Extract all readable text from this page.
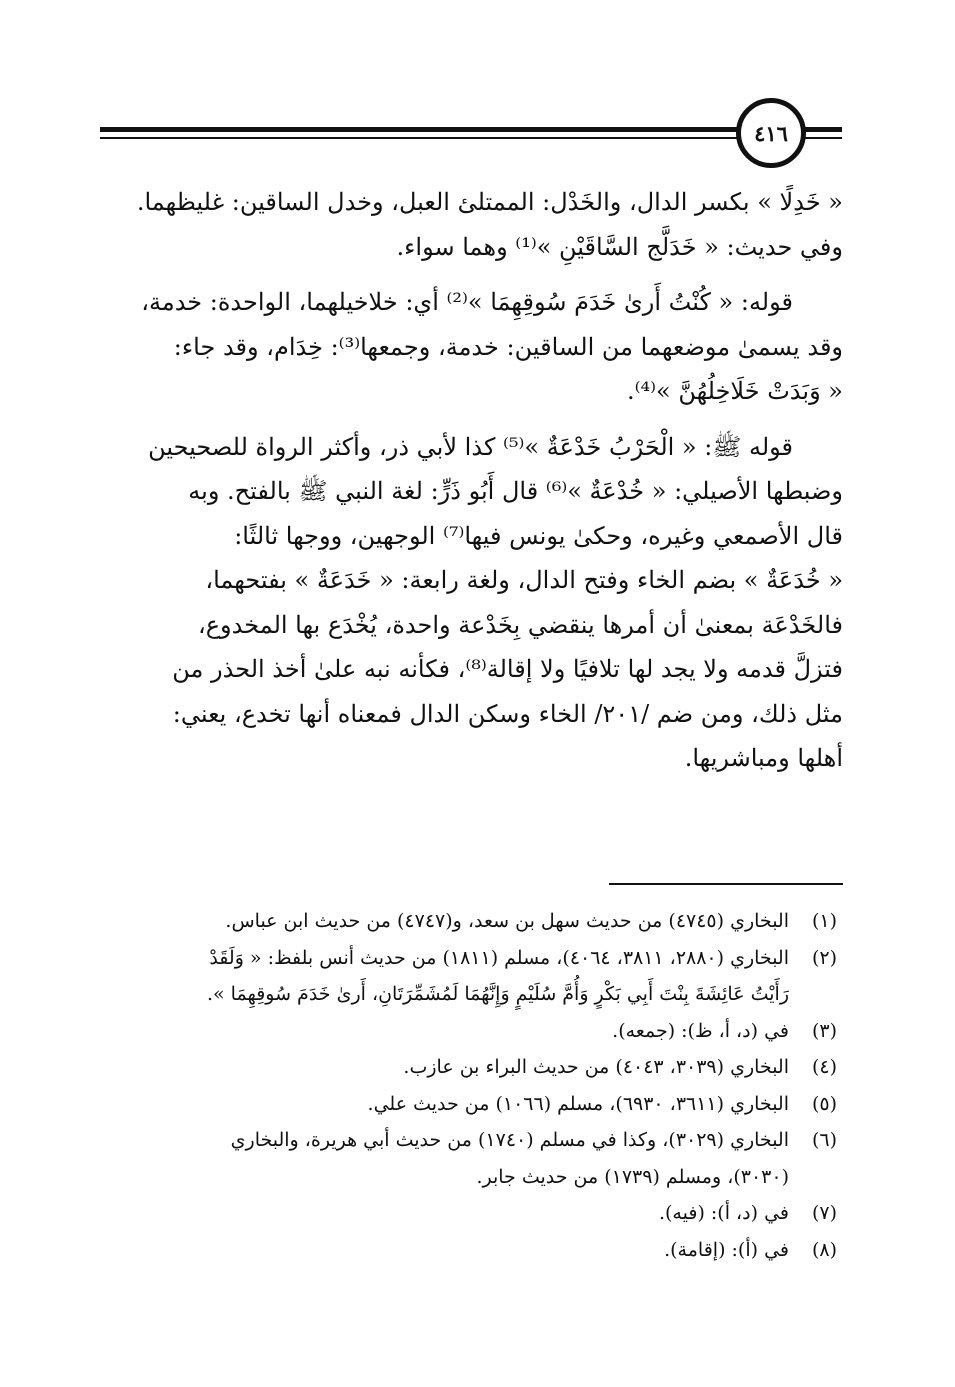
٤١٦

« خَدِلًا » بكسر الدال، والخَدْل: الممتلئ العبل، وخدل الساقين: غليظهما.

وفي حديث: « خَدَلَّج السَّاقَيْنِ »⁽¹⁾ وهما سواء.

قوله: « كُنْتُ أَرىٰ خَدَمَ سُوقِهِمَا »⁽²⁾ أي: خلاخيلهما، الواحدة: خدمة،

وقد يسمىٰ موضعهما من الساقين: خدمة، وجمعها⁽³⁾: خِدَام، وقد جاء:

« وَبَدَتْ خَلَاخِلُهُنَّ »⁽⁴⁾.

قوله ﷺ: « الْحَرْبُ خَدْعَةٌ »⁽⁵⁾ كذا لأبي ذر، وأكثر الرواة للصحيحين

وضبطها الأصيلي: « خُدْعَةٌ »⁽⁶⁾ قال أَبُو ذَرٍّ: لغة النبي ﷺ بالفتح. وبه

قال الأصمعي وغيره، وحكىٰ يونس فيها⁽⁷⁾ الوجهين، ووجها ثالثًا:

« خُدَعَةٌ » بضم الخاء وفتح الدال، ولغة رابعة: « خَدَعَةٌ » بفتحهما،

فالخَدْعَة بمعنىٰ أن أمرها ينقضي بِخَدْعة واحدة، يُخْدَع بها المخدوع،

فتزلَّ قدمه ولا يجد لها تلافيًا ولا إقالة⁽⁸⁾، فكأنه نبه علىٰ أخذ الحذر من

مثل ذلك، ومن ضم /٢٠١/ الخاء وسكن الدال فمعناه أنها تخدع، يعني:

أهلها ومباشريها.

(١)
البخاري (٤٧٤٥) من حديث سهل بن سعد، و(٤٧٤٧) من حديث ابن عباس.
(٢)
البخاري (٢٨٨٠، ٣٨١١، ٤٠٦٤)، مسلم (١٨١١) من حديث أنس بلفظ: « وَلَقَدْ
رَأَيْتُ عَائِشَةَ بِنْتَ أَبِي بَكْرٍ وَأُمَّ سُلَيْمٍ وَإِنَّهُمَا لَمُشَمِّرَتَانِ، أَرىٰ خَدَمَ سُوقِهِمَا ».
(٣)
في (د، أ، ظ): (جمعه).
(٤)
البخاري (٣٠٣٩، ٤٠٤٣) من حديث البراء بن عازب.
(٥)
البخاري (٣٦١١، ٦٩٣٠)، مسلم (١٠٦٦) من حديث علي.
(٦)
البخاري (٣٠٢٩)، وكذا في مسلم (١٧٤٠) من حديث أبي هريرة، والبخاري
(٣٠٣٠)، ومسلم (١٧٣٩) من حديث جابر.
(٧)
في (د، أ): (فيه).
(٨)
في (أ): (إقامة).
